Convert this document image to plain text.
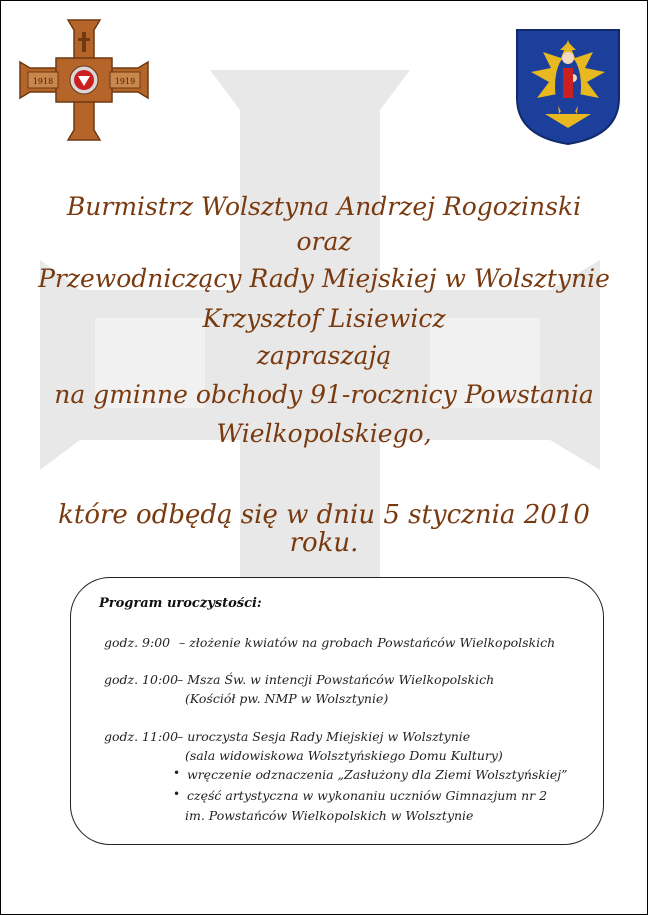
1918	1919
Burmistrz Wolsztyna Andrzej Rogozinski
oraz
Przewodniczący Rady Miejskiej w Wolsztynie
Krzysztof Lisiewicz
zapraszają
na gminne obchody 91-rocznicy Powstania
Wielkopolskiego,
które odbędą się w dniu 5 stycznia 2010 roku.
Program uroczystości:
godz. 9:00 – złożenie kwiatów na grobach Powstańców Wielkopolskich
godz. 10:00
– Msza Św. w intencji Powstańców Wielkopolskich
(Kościół pw. NMP w Wolsztynie)
godz. 11:00
– uroczysta Sesja Rady Miejskiej w Wolsztynie
(sala widowiskowa Wolsztyńskiego Domu Kultury)
• wręczenie odznaczenia „Zasłużony dla Ziemi Wolsztyńskiej”
• część artystyczna w wykonaniu uczniów Gimnazjum nr 2
im. Powstańców Wielkopolskich w Wolsztynie
